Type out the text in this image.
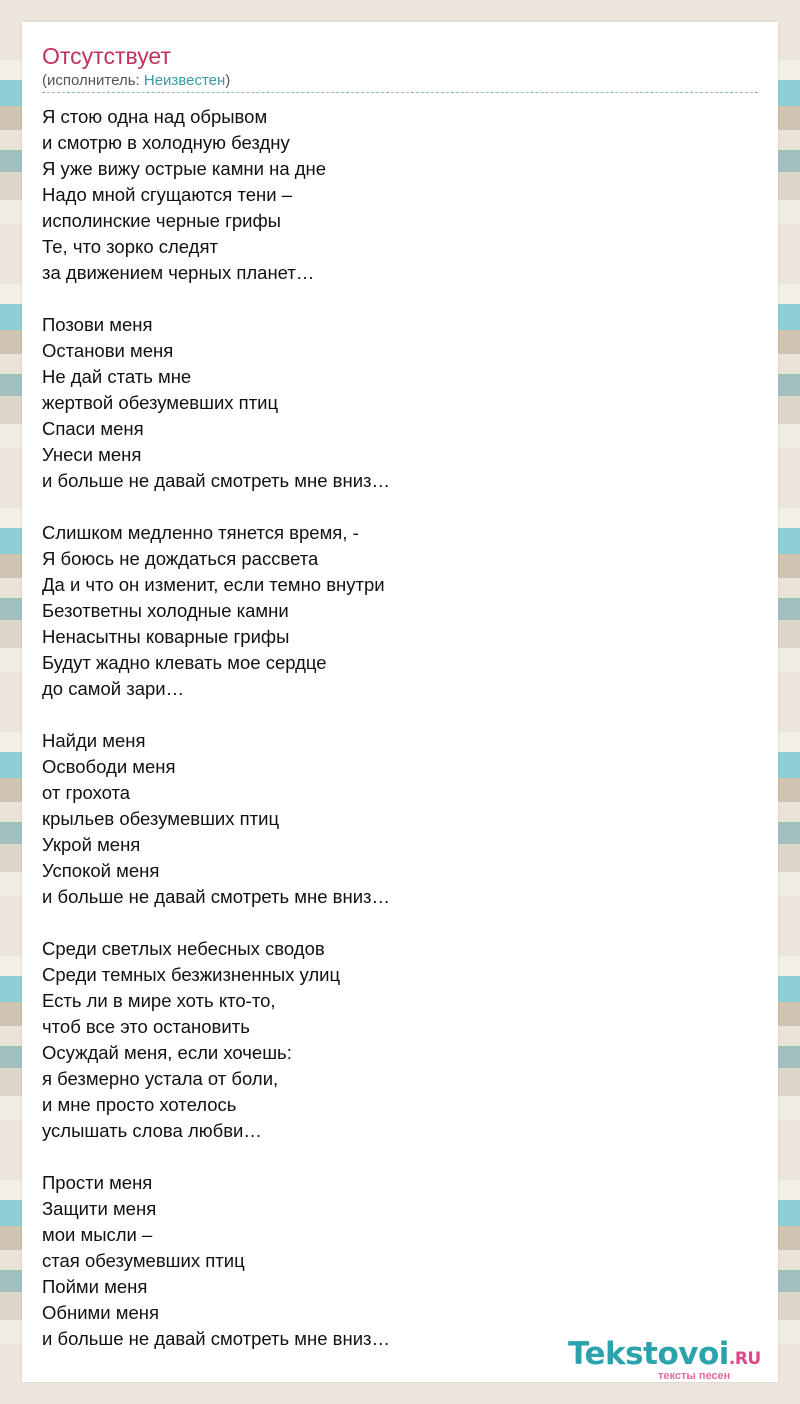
Отсутствует
(исполнитель: Неизвестен)
Я стою одна над обрывом
и смотрю в холодную бездну
Я уже вижу острые камни на дне
Надо мной сгущаются тени –
исполинские черные грифы
Те, что зорко следят
за движением черных планет…
Позови меня
Останови меня
Не дай стать мне
жертвой обезумевших птиц
Спаси меня
Унеси меня
и больше не давай смотреть мне вниз…
Слишком медленно тянется время, -
Я боюсь не дождаться рассвета
Да и что он изменит, если темно внутри
Безответны холодные камни
Ненасытны коварные грифы
Будут жадно клевать мое сердце
до самой зари…
Найди меня
Освободи меня
от грохота
крыльев обезумевших птиц
Укрой меня
Успокой меня
и больше не давай смотреть мне вниз…
Среди светлых небесных сводов
Среди темных безжизненных улиц
Есть ли в мире хоть кто-то,
чтоб все это остановить
Осуждай меня, если хочешь:
я безмерно устала от боли,
и мне просто хотелось
услышать слова любви…
Прости меня
Защити меня
мои мысли –
стая обезумевших птиц
Пойми меня
Обними меня
и больше не давай смотреть мне вниз…	Tekstovoi.RU
тексты песен
